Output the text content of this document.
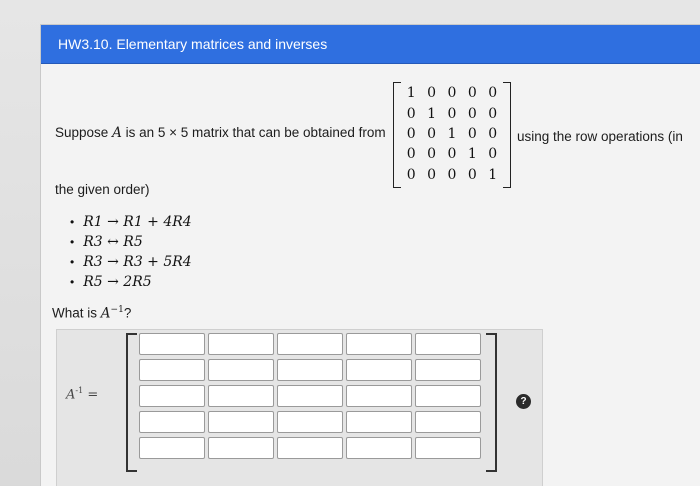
HW3.10. Elementary matrices and inverses
Suppose A is an 5 × 5 matrix that can be obtained from
1 0 0 0 0
0 1 0 0 0
0 0 1 0 0
0 0 0 1 0
0 0 0 0 1
using the row operations (in
the given order)
• R1 → R1 + 4R4
• R3 ↔ R5
• R3 → R3 + 5R4
• R5 → 2R5
What is $A^{-1}$?
$A^{-1}$ =	?
